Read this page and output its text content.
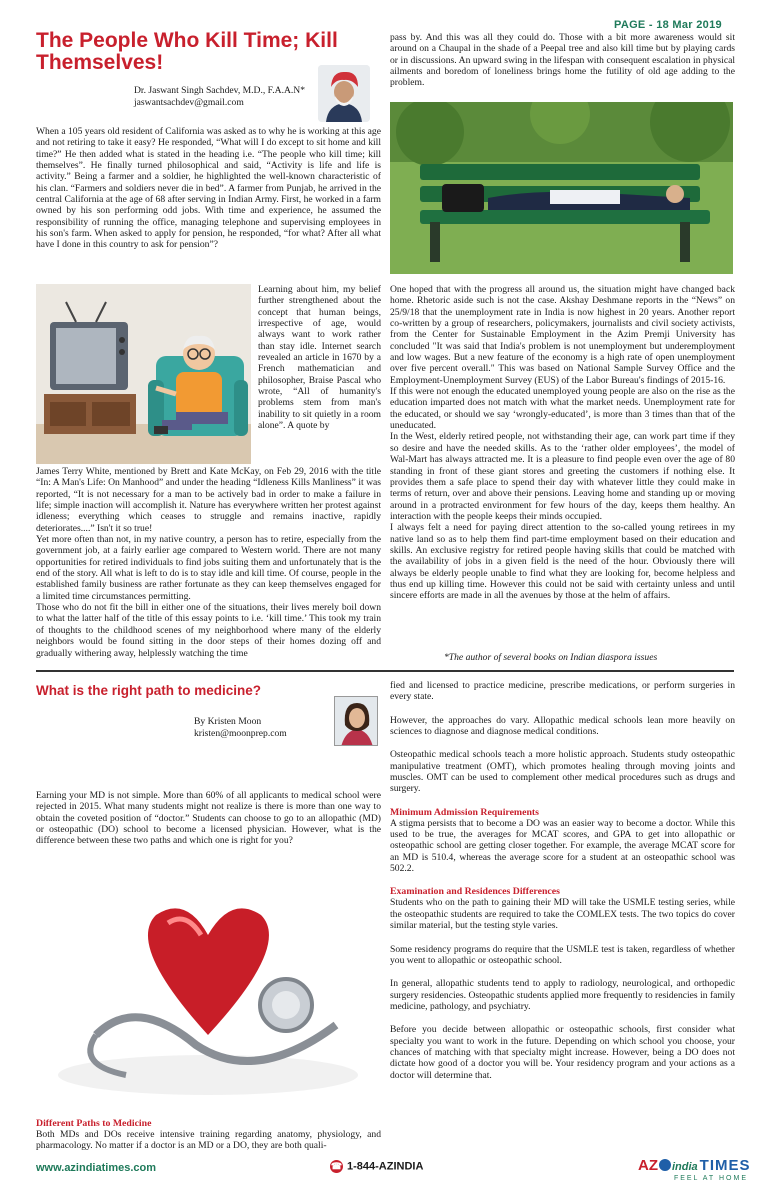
PAGE - 18 Mar 2019
The People Who Kill Time; Kill Themselves!
Dr. Jaswant Singh Sachdev, M.D., F.A.A.N*
jaswantsachdev@gmail.com

When a 105 years old resident of California was asked as to why he is working at this age and not retiring to take it easy? He responded, “What will I do except to sit home and kill time?” He then added what is stated in the heading i.e. “The people who kill time; kill themselves”. He finally turned philosophical and said, “Activity is life and life is activity.” Being a farmer and a soldier, he highlighted the well-known characteristic of his clan. “Farmers and soldiers never die in bed”. A farmer from Punjab, he arrived in the central California at the age of 68 after serving in Indian Army. First, he worked in a farm owned by his son performing odd jobs. With time and experience, he assumed the responsibility of running the office, managing telephone and supervising employees in his son's farm. When asked to apply for pension, he responded, “for what? After all what have I done in this country to ask for pension”?

Learning about him, my belief further strengthened about the concept that human beings, irrespective of age, would always want to work rather than stay idle. Internet search revealed an article in 1670 by a French mathematician and philosopher, Braise Pascal who wrote, “All of humanity's problems stem from man's inability to sit quietly in a room alone”. A quote by

James Terry White, mentioned by Brett and Kate McKay, on Feb 29, 2016 with the title “In: A Man's Life: On Manhood” and under the heading “Idleness Kills Manliness” it was reported, “It is not necessary for a man to be actively bad in order to make a failure in life; simple inaction will accomplish it. Nature has everywhere written her protest against idleness; everything which ceases to struggle and remains inactive, rapidly deteriorates....” Isn't it so true!

Yet more often than not, in my native country, a person has to retire, especially from the government job, at a fairly earlier age compared to Western world. There are not many opportunities for retired individuals to find jobs suiting them and unfortunately that is the end of the story. All what is left to do is to stay idle and kill time. Of course, people in the established family business are rather fortunate as they can keep themselves engaged for a limited time circumstances permitting.

Those who do not fit the bill in either one of the situations, their lives merely boil down to what the latter half of the title of this essay points to i.e. ‘kill time.’ This took my train of thoughts to the childhood scenes of my neighborhood where many of the elderly neighbors would be found sitting in the door steps of their homes dozing off and gradually withering away, helplessly watching the time

pass by. And this was all they could do. Those with a bit more awareness would sit around on a Chaupal in the shade of a Peepal tree and also kill time but by playing cards or in discussions. An upward swing in the lifespan with consequent escalation in physical ailments and boredom of loneliness brings home the futility of old age adding to the problem.

One hoped that with the progress all around us, the situation might have changed back home. Rhetoric aside such is not the case. Akshay Deshmane reports in the “News” on 25/9/18 that the unemployment rate in India is now highest in 20 years. Another report co-written by a group of researchers, policymakers, journalists and civil society activists, from the Center for Sustainable Employment in the Azim Premji University has concluded "It was said that India's problem is not unemployment but underemployment and low wages. But a new feature of the economy is a high rate of open unemployment over five percent overall." This was based on National Sample Survey Office and the Employment-Unemployment Survey (EUS) of the Labor Bureau's findings of 2015-16.

If this were not enough the educated unemployed young people are also on the rise as the education imparted does not match with what the market needs. Unemployment rate for the educated, or should we say ‘wrongly-educated’, is more than 3 times than that of the uneducated.

In the West, elderly retired people, not withstanding their age, can work part time if they so desire and have the needed skills. As to the ‘rather older employees’, the model of Wal-Mart has always attracted me. It is a pleasure to find people even over the age of 80 standing in front of these giant stores and greeting the customers if nothing else. It provides them a safe place to spend their day with whatever little they could make in terms of return, over and above their pensions. Leaving home and standing up or moving around in a protracted environment for few hours of the day, keeps them healthy. An interaction with the people keeps their minds occupied.

I always felt a need for paying direct attention to the so-called young retirees in my native land so as to help them find part-time employment based on their education and skills. An exclusive registry for retired people having skills that could be matched with the availability of jobs in a given field is the need of the hour. Obviously there will always be elderly people unable to find what they are looking for, become helpless and thus end up killing time. However this could not be said with certainty unless and until sincere efforts are made in all the avenues by those at the helm of affairs.

*The author of several books on Indian diaspora issues
What is the right path to medicine?
By Kristen Moon
kristen@moonprep.com

Earning your MD is not simple. More than 60% of all applicants to medical school were rejected in 2015. What many students might not realize is there is more than one way to obtain the coveted position of “doctor.” Students can choose to go to an allopathic (MD) or osteopathic (DO) school to become a licensed physician. However, what is the difference between these two paths and which one is right for you?

Different Paths to Medicine

Both MDs and DOs receive intensive training regarding anatomy, physiology, and pharmacology. No matter if a doctor is an MD or a DO, they are both quali-

fied and licensed to practice medicine, prescribe medications, or perform surgeries in every state.

However, the approaches do vary. Allopathic medical schools lean more heavily on sciences to diagnose and diagnose medical conditions.

Osteopathic medical schools teach a more holistic approach. Students study osteopathic manipulative treatment (OMT), which promotes healing through moving joints and muscles. OMT can be used to complement other medical procedures such as drugs and surgery.

Minimum Admission Requirements

A stigma persists that to become a DO was an easier way to become a doctor. While this used to be true, the averages for MCAT scores, and GPA to get into allopathic or osteopathic school are getting closer together. For example, the average MCAT score for an MD is 510.4, whereas the average score for a student at an osteopathic school was 502.2.

Examination and Residences Differences

Students who on the path to gaining their MD will take the USMLE testing series, while the osteopathic students are required to take the COMLEX tests. The two topics do cover similar material, but the testing style varies.

Some residency programs do require that the USMLE test is taken, regardless of whether you went to allopathic or osteopathic school.

In general, allopathic students tend to apply to radiology, neurological, and orthopedic surgery residencies. Osteopathic students applied more frequently to residencies in family medicine, pathology, and psychiatry.

Before you decide between allopathic or osteopathic schools, first consider what specialty you want to work in the future. Depending on which school you choose, your chances of matching with that specialty might increase. However, being a DO does not dictate how good of a doctor you will be. Your residency program and your actions as a doctor will determine that.

www.azindiatimes.com	☎ 1-844-AZINDIA	AZ india TIMES
FEEL AT HOME
